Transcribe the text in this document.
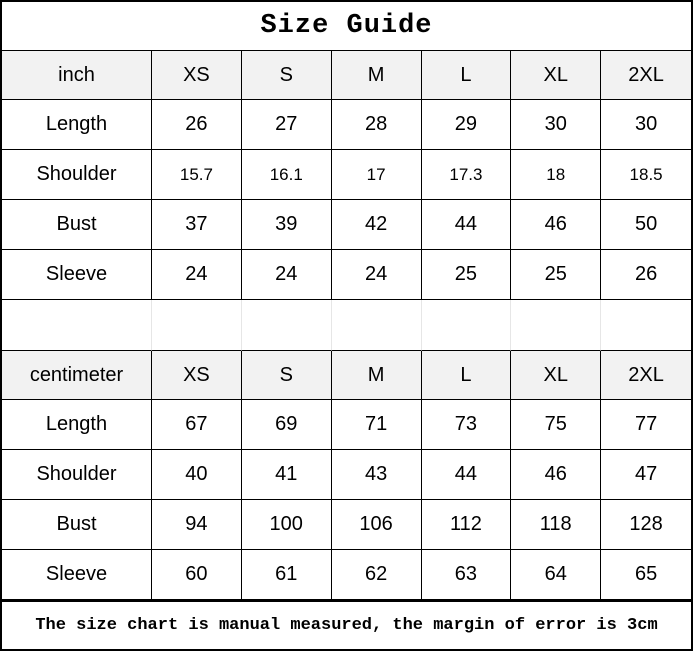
Size Guide
inch	XS	S	M	L	XL	2XL
Length	26	27	28	29	30	30
Shoulder	15.7	16.1	17	17.3	18	18.5
Bust	37	39	42	44	46	50
Sleeve	24	24	24	25	25	26
centimeter	XS	S	M	L	XL	2XL
Length	67	69	71	73	75	77
Shoulder	40	41	43	44	46	47
Bust	94	100	106	112	118	128
Sleeve	60	61	62	63	64	65
The size chart is manual measured, the margin of error is 3cm
